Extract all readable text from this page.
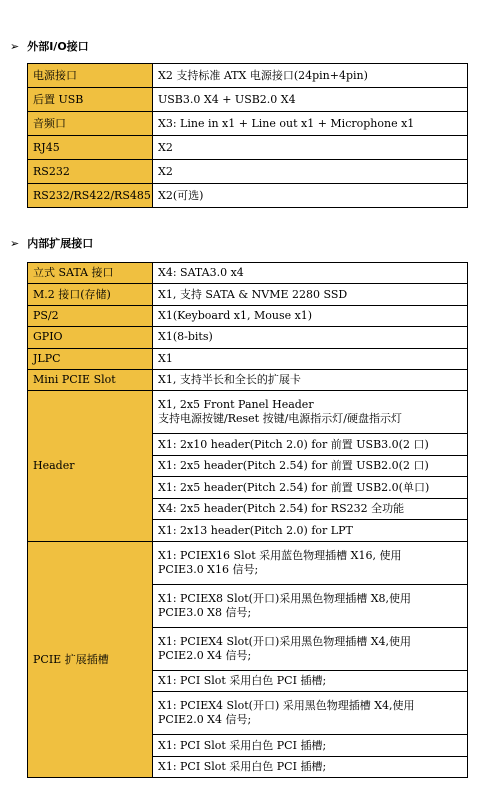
➢ 外部I/O接口
电源接口	X2 支持标准 ATX 电源接口(24pin+4pin)
后置 USB	USB3.0 X4 + USB2.0 X4
音频口	X3: Line in x1 + Line out x1 + Microphone x1
RJ45	X2
RS232	X2
RS232/RS422/RS485	X2(可选)
➢ 内部扩展接口
立式 SATA 接口	X4: SATA3.0 x4
M.2 接口(存储)	X1, 支持 SATA & NVME 2280 SSD
PS/2	X1(Keyboard x1, Mouse x1)
GPIO	X1(8-bits)
JLPC	X1
Mini PCIE Slot	X1, 支持半长和全长的扩展卡
Header	X1, 2x5 Front Panel Header
支持电源按键/Reset 按键/电源指示灯/硬盘指示灯

	X1: 2x10 header(Pitch 2.0) for 前置 USB3.0(2 口)
	X1: 2x5 header(Pitch 2.54) for 前置 USB2.0(2 口)
	X1: 2x5 header(Pitch 2.54) for 前置 USB2.0(单口)
	X4: 2x5 header(Pitch 2.54) for RS232 全功能
	X1: 2x13 header(Pitch 2.0) for LPT
PCIE 扩展插槽	X1: PCIEX16 Slot 采用蓝色物理插槽 X16, 使用
PCIE3.0 X16 信号;

	X1: PCIEX8 Slot(开口)采用黑色物理插槽 X8,使用
PCIE3.0 X8 信号;

	X1: PCIEX4 Slot(开口)采用黑色物理插槽 X4,使用
PCIE2.0 X4 信号;

	X1: PCI Slot 采用白色 PCI 插槽;

	X1: PCIEX4 Slot(开口) 采用黑色物理插槽 X4,使用
PCIE2.0 X4 信号;

	X1: PCI Slot 采用白色 PCI 插槽;
	X1: PCI Slot 采用白色 PCI 插槽;
